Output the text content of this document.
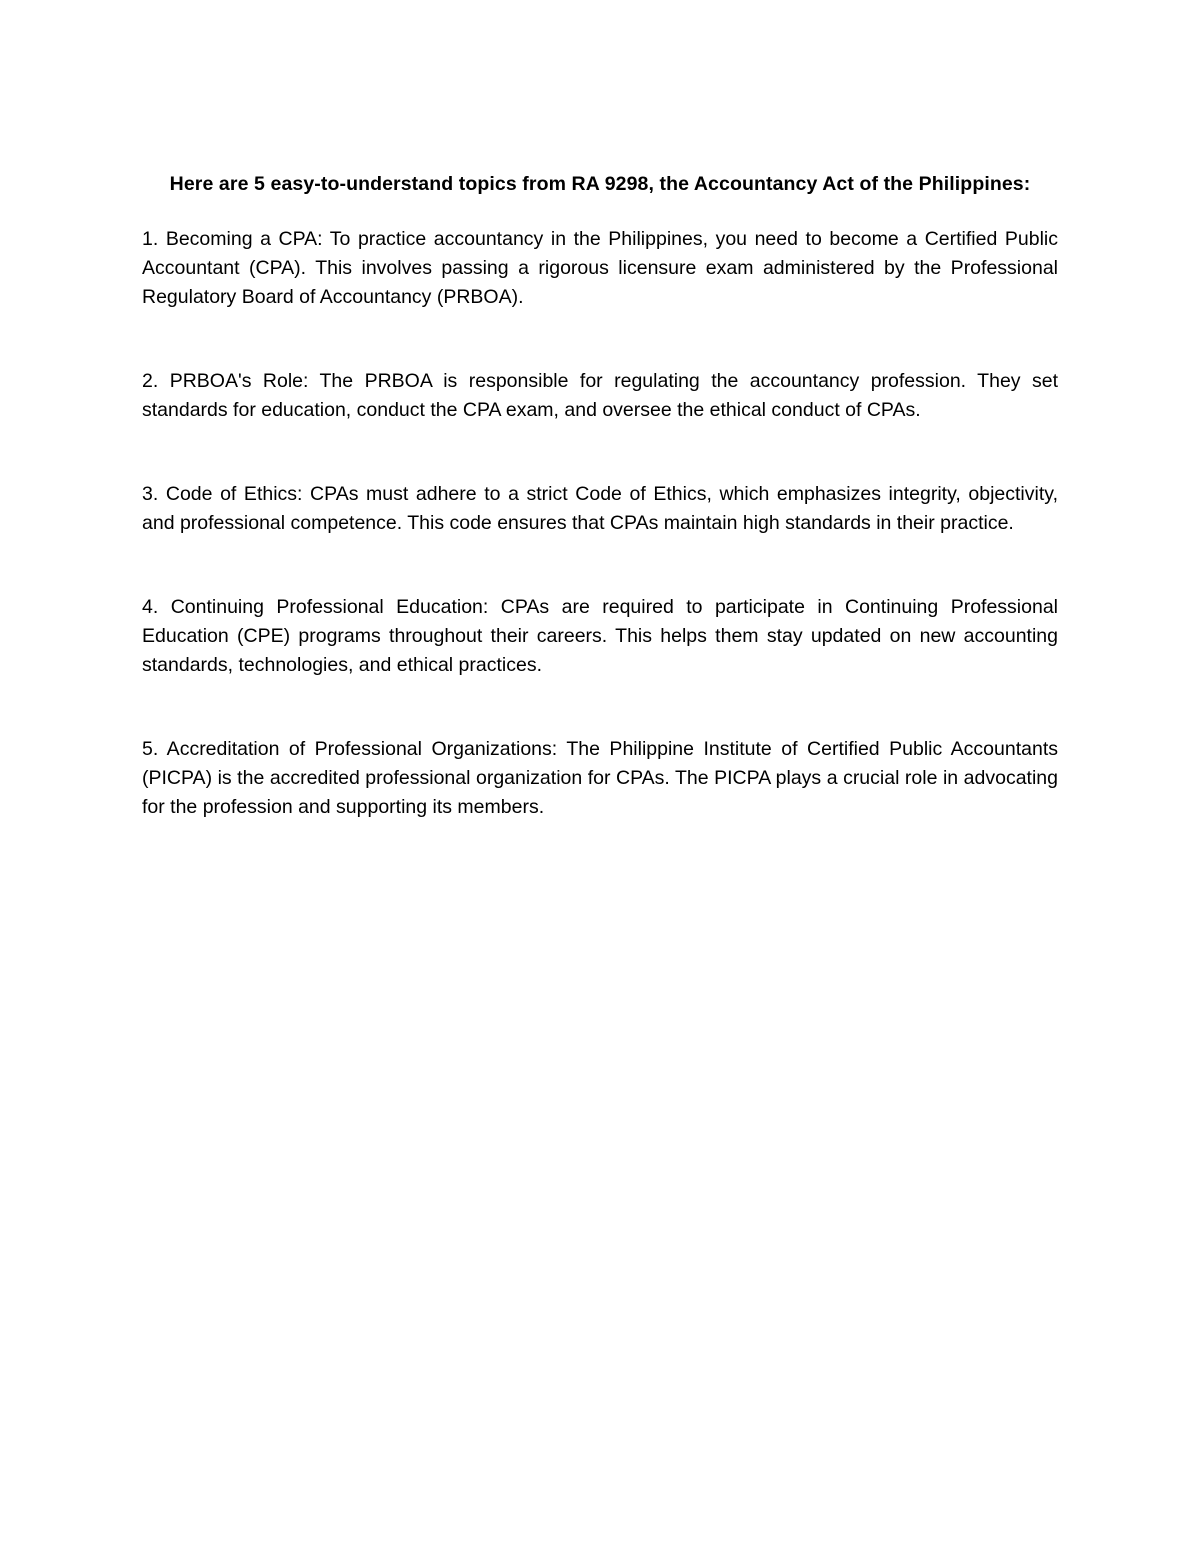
Here are 5 easy-to-understand topics from RA 9298, the Accountancy Act of the Philippines:

1. Becoming a CPA: To practice accountancy in the Philippines, you need to become a Certified Public Accountant (CPA). This involves passing a rigorous licensure exam administered by the Professional Regulatory Board of Accountancy (PRBOA).

2. PRBOA's Role: The PRBOA is responsible for regulating the accountancy profession. They set standards for education, conduct the CPA exam, and oversee the ethical conduct of CPAs.

3. Code of Ethics: CPAs must adhere to a strict Code of Ethics, which emphasizes integrity, objectivity, and professional competence. This code ensures that CPAs maintain high standards in their practice.

4. Continuing Professional Education: CPAs are required to participate in Continuing Professional Education (CPE) programs throughout their careers. This helps them stay updated on new accounting standards, technologies, and ethical practices.

5. Accreditation of Professional Organizations: The Philippine Institute of Certified Public Accountants (PICPA) is the accredited professional organization for CPAs. The PICPA plays a crucial role in advocating for the profession and supporting its members.
